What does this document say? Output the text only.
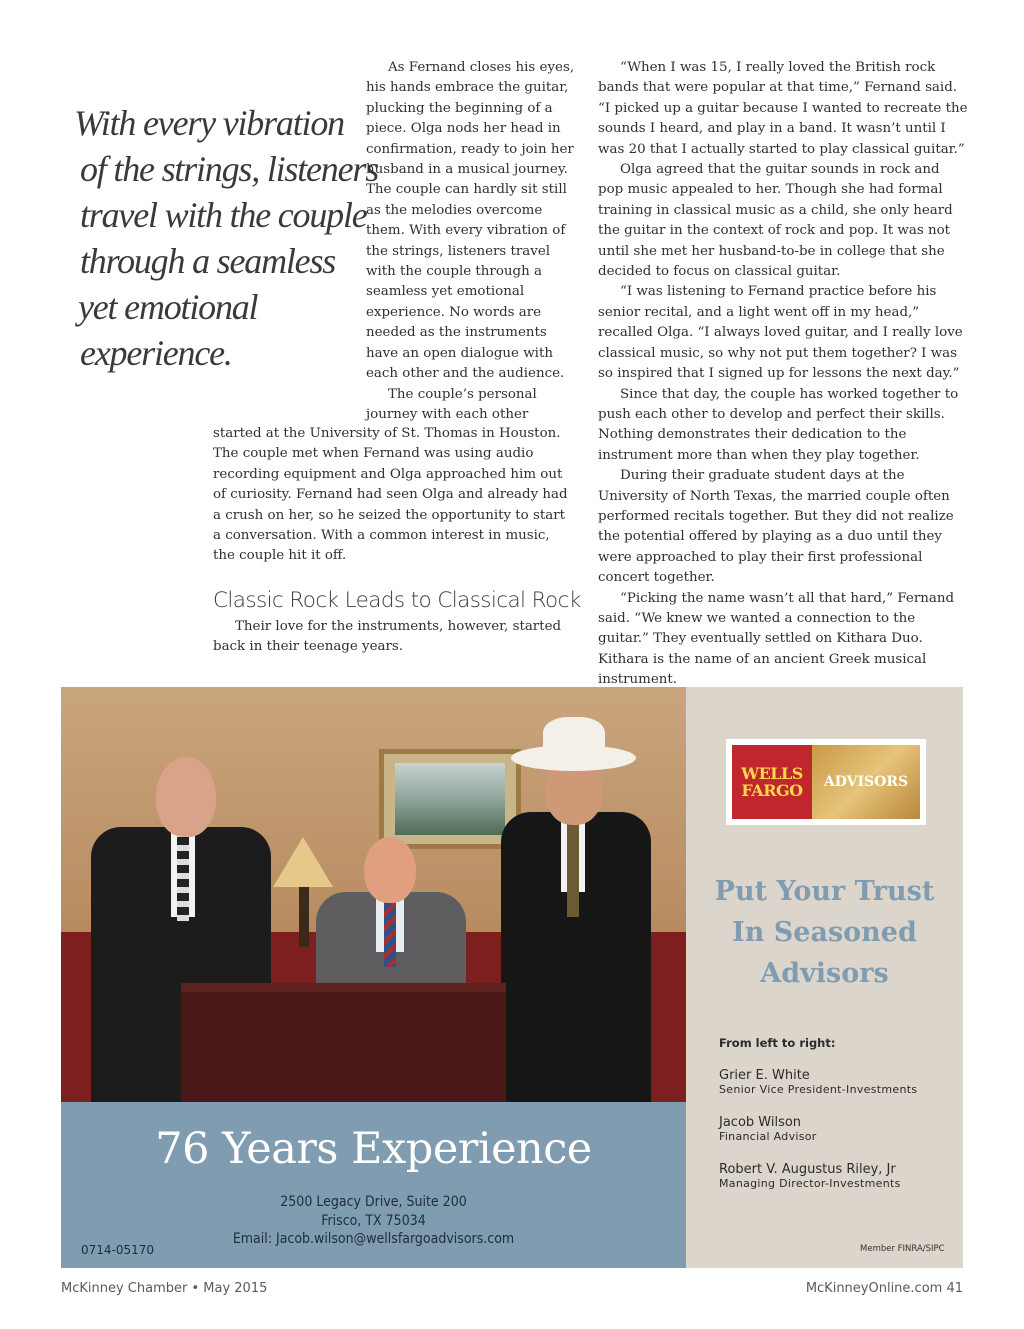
With every vibration
of the strings, listeners
travel with the couple
through a seamless
yet emotional
experience.

As Fernand closes his eyes, his hands embrace the guitar, plucking the beginning of a piece. Olga nods her head in confirmation, ready to join her husband in a musical journey. The couple can hardly sit still as the melodies overcome them. With every vibration of the strings, listeners travel with the couple through a seamless yet emotional experience. No words are needed as the instruments have an open dialogue with each other and the audience.

The couple’s personal journey with each other

started at the University of St. Thomas in Houston. The couple met when Fernand was using audio recording equipment and Olga approached him out of curiosity. Fernand had seen Olga and already had a crush on her, so he seized the opportunity to start a conversation. With a common interest in music, the couple hit it off.

Classic Rock Leads to Classical Rock

Their love for the instruments, however, started back in their teenage years.

“When I was 15, I really loved the British rock bands that were popular at that time,” Fernand said. “I picked up a guitar because I wanted to recreate the sounds I heard, and play in a band. It wasn’t until I was 20 that I actually started to play classical guitar.”

Olga agreed that the guitar sounds in rock and pop music appealed to her. Though she had formal training in classical music as a child, she only heard the guitar in the context of rock and pop. It was not until she met her husband-to-be in college that she decided to focus on classical guitar.

“I was listening to Fernand practice before his senior recital, and a light went off in my head,” recalled Olga. “I always loved guitar, and I really love classical music, so why not put them together? I was so inspired that I signed up for lessons the next day.”

Since that day, the couple has worked together to push each other to develop and perfect their skills. Nothing demonstrates their dedication to the instrument more than when they play together.

During their graduate student days at the University of North Texas, the married couple often performed recitals together. But they did not realize the potential offered by playing as a duo until they were approached to play their first professional concert together.

“Picking the name wasn’t all that hard,” Fernand said. “We knew we wanted a connection to the guitar.” They eventually settled on Kithara Duo. Kithara is the name of an ancient Greek musical instrument.

76 Years Experience
2500 Legacy Drive, Suite 200
Frisco, TX 75034
Email: Jacob.wilson@wellsfargoadvisors.com
0714-05170
WELLS
FARGO ADVISORS
Put Your Trust
In Seasoned
Advisors
From left to right:
Grier E. White
Senior Vice President-Investments
Jacob Wilson
Financial Advisor
Robert V. Augustus Riley, Jr
Managing Director-Investments
Member FINRA/SIPC
McKinney Chamber • May 2015	McKinneyOnline.com 41
